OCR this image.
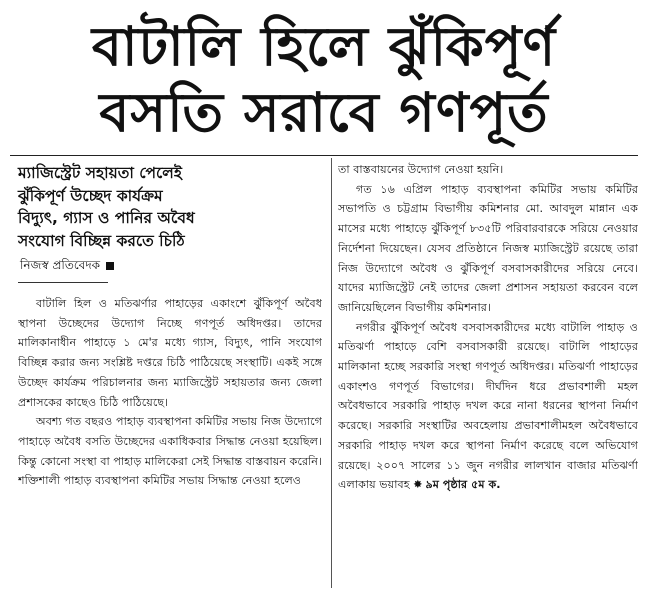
বাটালি হিলে ঝুঁকিপূর্ণ
বসতি সরাবে গণপূর্ত
ম্যাজিস্ট্রেট সহায়তা পেলেই
ঝুঁকিপূর্ণ উচ্ছেদ কার্যক্রম
বিদ্যুৎ, গ্যাস ও পানির অবৈধ
সংযোগ বিচ্ছিন্ন করতে চিঠি
নিজস্ব প্রতিবেদক

বাটালি হিল ও মতিঝর্ণার পাহাড়ের একাংশে ঝুঁকিপূর্ণ অবৈধ স্থাপনা উচ্ছেদের উদ্যোগ নিচ্ছে গণপূর্ত অধিদপ্তর। তাদের মালিকানাধীন পাহাড়ে ১ মে'র মধ্যে গ্যাস, বিদ্যুৎ, পানি সংযোগ বিচ্ছিন্ন করার জন্য সংশ্লিষ্ট দপ্তরে চিঠি পাঠিয়েছে সংস্থাটি। একই সঙ্গে উচ্ছেদ কার্যক্রম পরিচালনার জন্য ম্যাজিস্ট্রেট সহায়তার জন্য জেলা প্রশাসকের কাছেও চিঠি পাঠিয়েছে।

অবশ্য গত বছরও পাহাড় ব্যবস্থাপনা কমিটির সভায় নিজ উদ্যোগে পাহাড়ে অবৈধ বসতি উচ্ছেদের একাধিকবার সিদ্ধান্ত নেওয়া হয়েছিল। কিন্তু কোনো সংস্থা বা পাহাড় মালিকেরা সেই সিদ্ধান্ত বাস্তবায়ন করেনি। শক্তিশালী পাহাড় ব্যবস্থাপনা কমিটির সভায় সিদ্ধান্ত নেওয়া হলেও

তা বাস্তবায়নের উদ্যোগ নেওয়া হয়নি।

গত ১৬ এপ্রিল পাহাড় ব্যবস্থাপনা কমিটির সভায় কমিটির সভাপতি ও চট্টগ্রাম বিভাগীয় কমিশনার মো. আবদুল মান্নান এক মাসের মধ্যে পাহাড়ে ঝুঁকিপূর্ণ ৮৩৫টি পরিবারবারকে সরিয়ে নেওয়ার নির্দেশনা দিয়েছেন। যেসব প্রতিষ্ঠানে নিজস্ব ম্যাজিস্ট্রেট রয়েছে তারা নিজ উদ্যোগে অবৈধ ও ঝুঁকিপূর্ণ বসবাসকারীদের সরিয়ে নেবে। যাদের ম্যাজিস্ট্রেট নেই তাদের জেলা প্রশাসন সহায়তা করবেন বলে জানিয়েছিলেন বিভাগীয় কমিশনার।

নগরীর ঝুঁকিপূর্ণ অবৈধ বসবাসকারীদের মধ্যে বাটালি পাহাড় ও মতিঝর্ণা পাহাড়ে বেশি বসবাসকারী রয়েছে। বাটালি পাহাড়ের মালিকানা হচ্ছে সরকারি সংস্থা গণপূর্ত অধিদপ্তর। মতিঝর্ণা পাহাড়ের একাংশও গণপূর্ত বিভাগের। দীর্ঘদিন ধরে প্রভাবশালী মহল অবৈধভাবে সরকারি পাহাড় দখল করে নানা ধরনের স্থাপনা নির্মাণ করেছে। সরকারি সংস্থাটির অবহেলায় প্রভাবশালীমহল অবৈধভাবে সরকারি পাহাড় দখল করে স্থাপনা নির্মাণ করেছে বলে অভিযোগ রয়েছে। ২০০৭ সালের ১১ জুন নগরীর লালখান বাজার মতিঝর্ণা এলাকায় ভয়াবহ ✸ ৯ম পৃষ্ঠার ৫ম ক.
